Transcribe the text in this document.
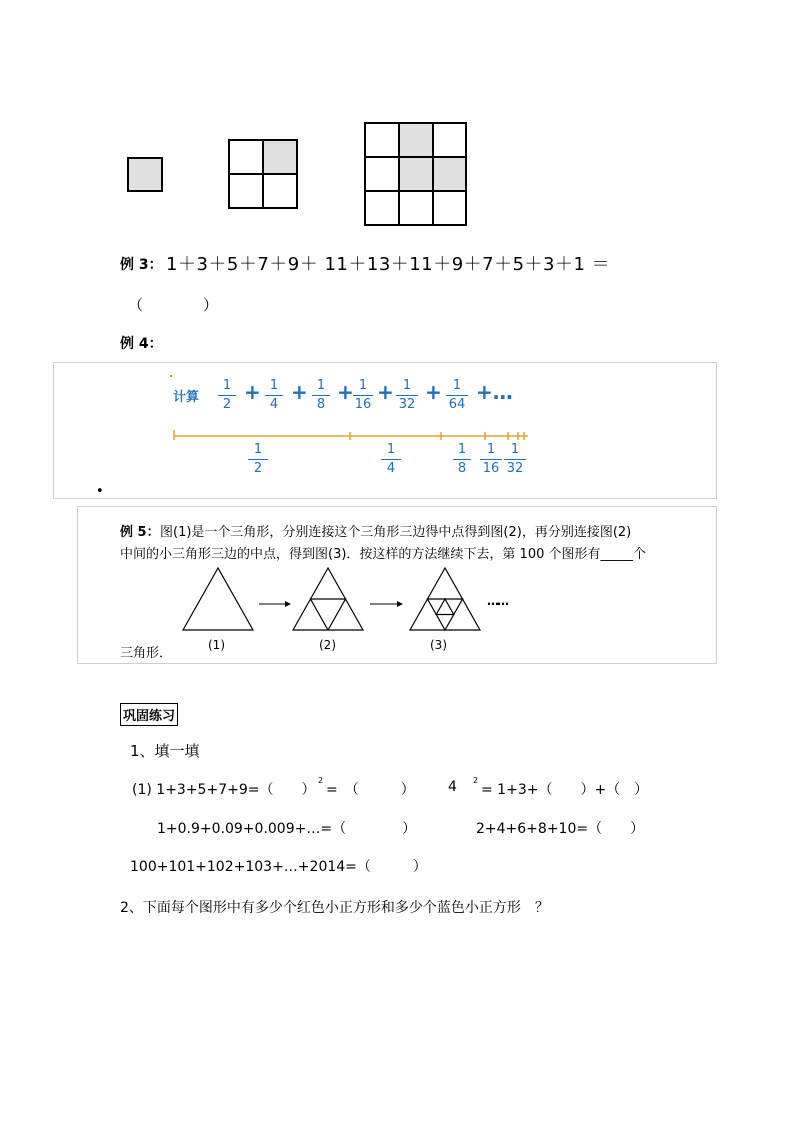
例 3： 1＋3＋5＋7＋9＋ 11＋13＋11＋9＋7＋5＋3＋1 ＝
（　　　　）
例 4：
计算
1
2
+ 1
4
+ 1
8
+ 1
16
+ 1
32
+ 1
64
+…
1
2
1
4
1
8
1
16
1
32
•
例 5： 图(1)是一个三角形，分别连接这个三角形三边得中点得到图(2)，再分别连接图(2)
中间的小三角形三边的中点，得到图(3)．按这样的方法继续下去，第 100 个图形有_____个
三角形．
(1)	(2)	(3)
……
巩固练习
1、填一填
(1) 1+3+5+7+9=（　　）
2
=　（　　　） 4 2
= 1+3+（　　）+（　）
1+0.9+0.09+0.009+…=（　　　　）	2+4+6+8+10=（　　）
100+101+102+103+…+2014=（　　　）
2、下面每个图形中有多少个红色小正方形和多少个蓝色小正方形　？
